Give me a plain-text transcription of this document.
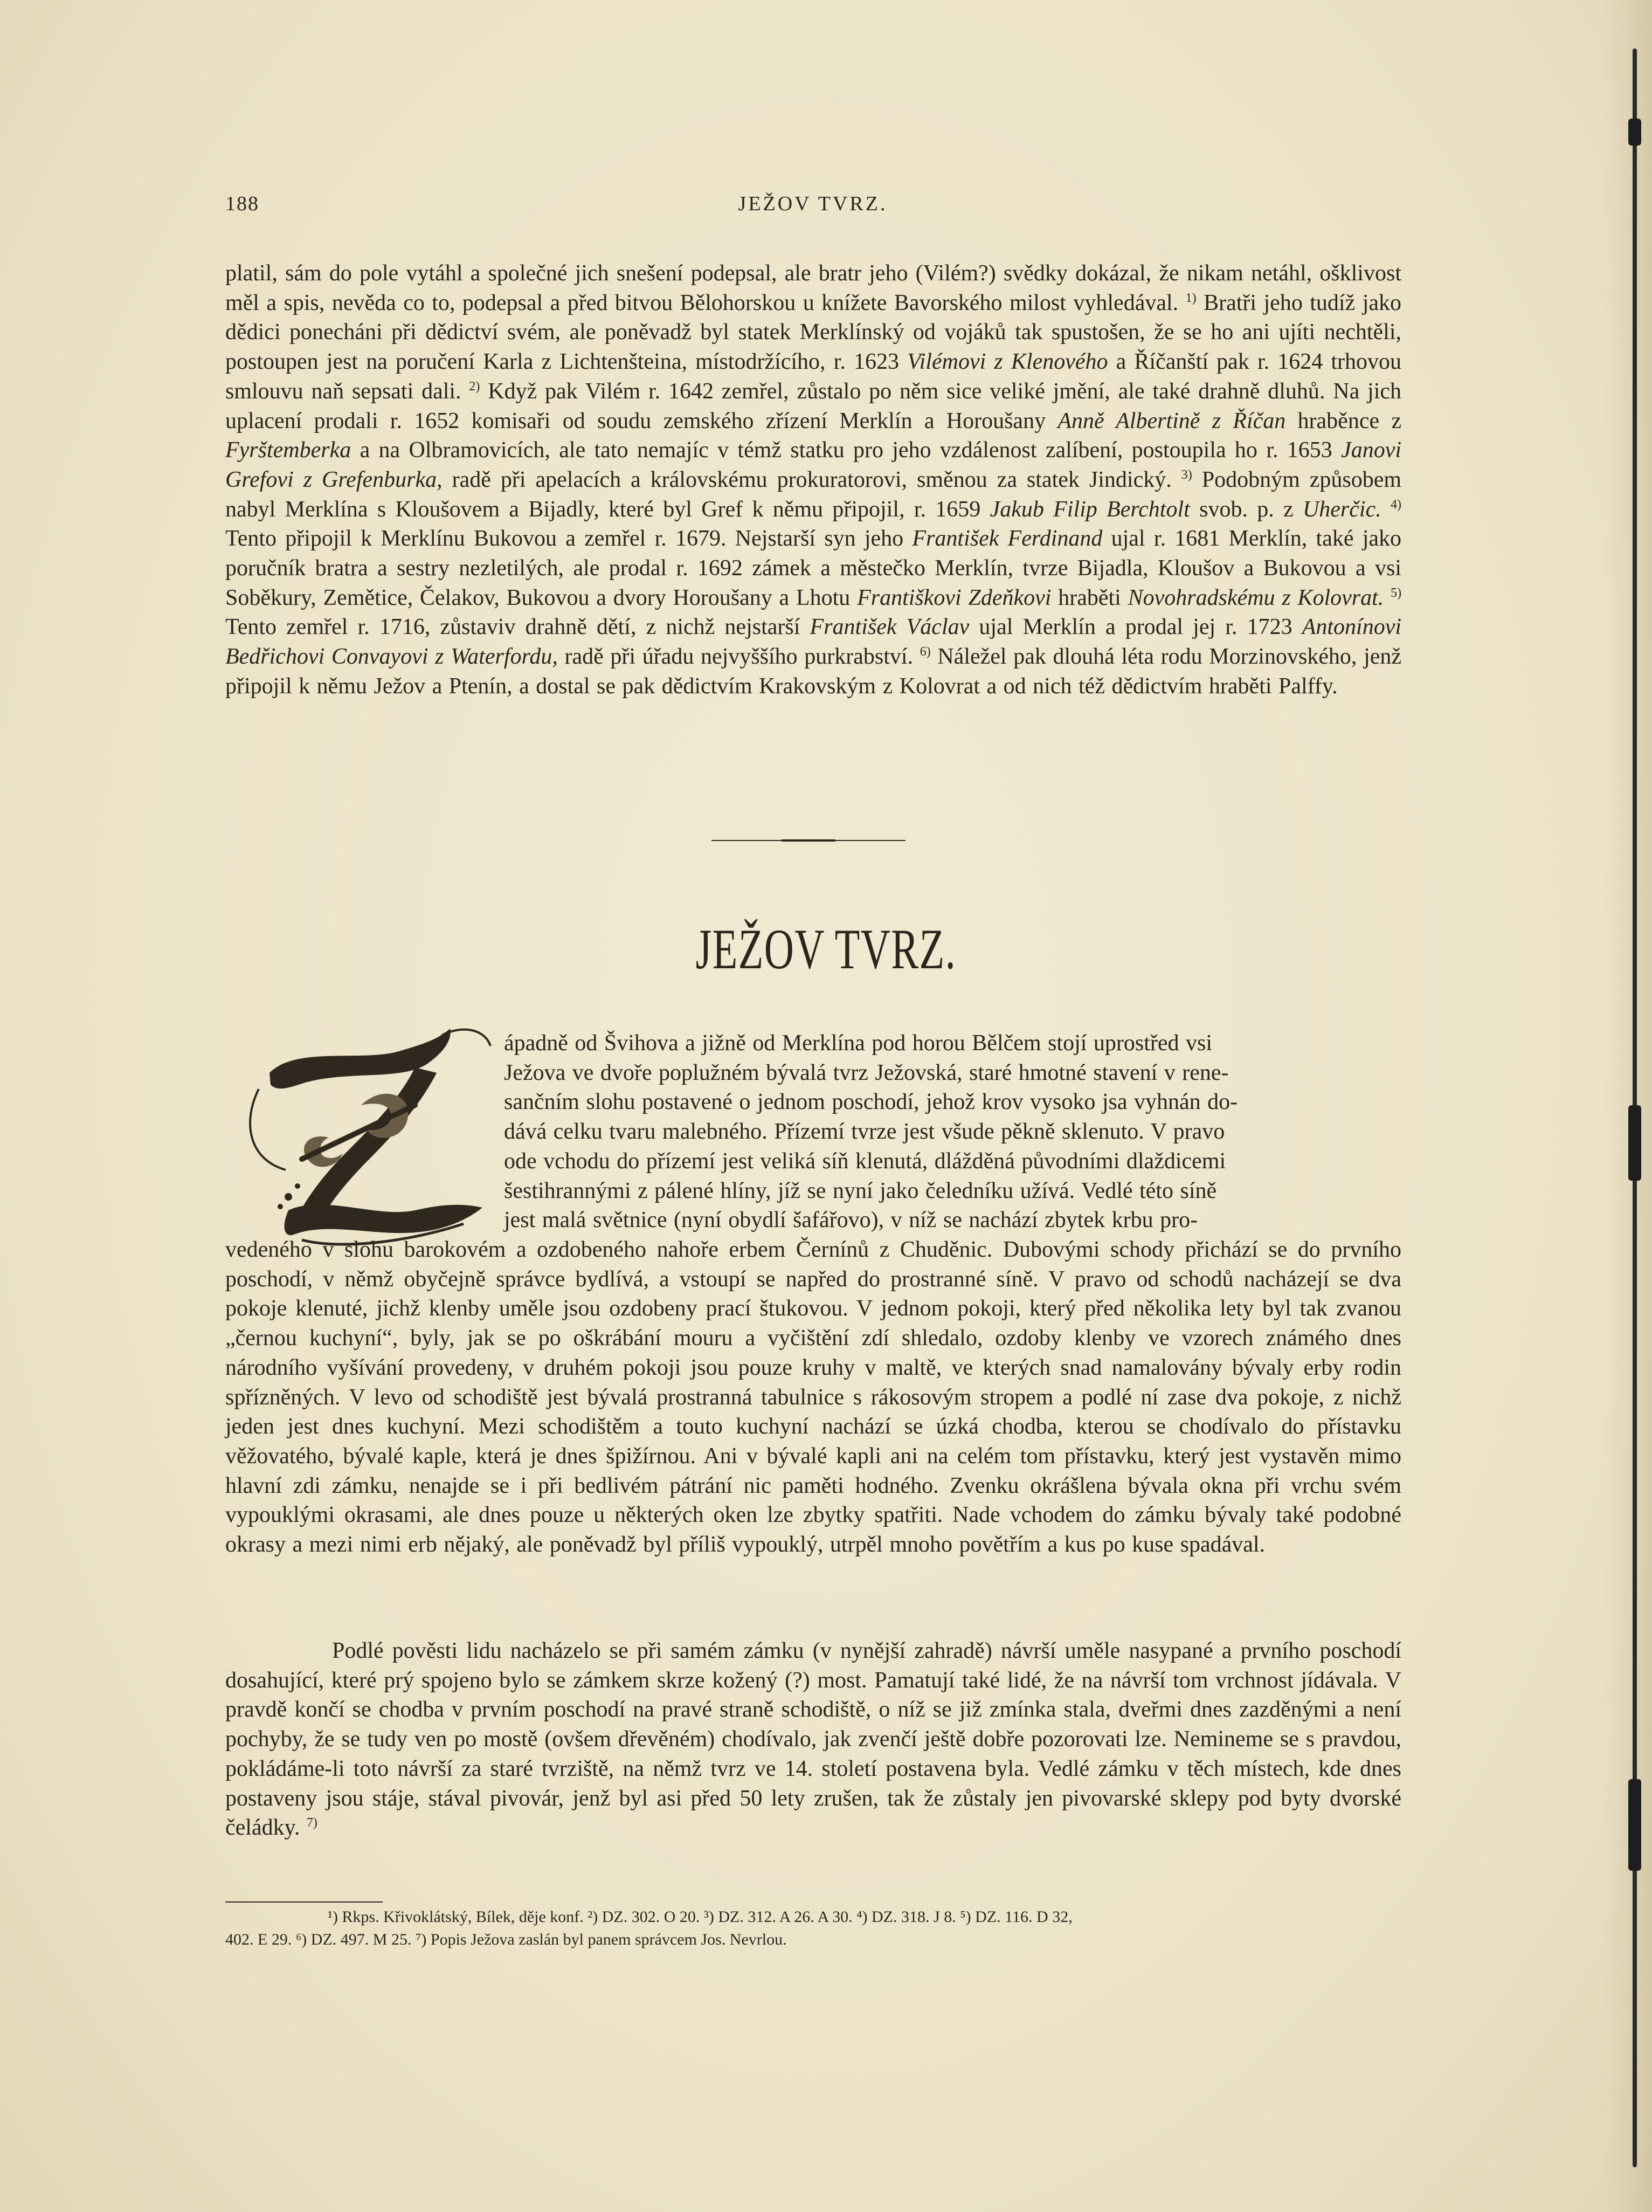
188	JEŽOV TVRZ.
platil, sám do pole vytáhl a společné jich snešení podepsal, ale bratr jeho (Vilém?) svědky dokázal, že nikam netáhl, ošklivost měl a spis, nevěda co to, podepsal a před bitvou Bělohorskou u knížete Bavorského milost vyhledával. $^{1)}$ Bratři jeho tudíž jako dědici ponecháni při dědictví svém, ale poněvadž byl statek Merklínský od vojáků tak spustošen, že se ho ani ujíti nechtěli, postoupen jest na poručení Karla z Lichtenšteina, místodržícího, r. 1623 Vilémovi z Klenového a Říčanští pak r. 1624 trhovou smlouvu naň sepsati dali. $^{2)}$ Když pak Vilém r. 1642 zemřel, zůstalo po něm sice veliké jmění, ale také drahně dluhů. Na jich uplacení prodali r. 1652 komisaři od soudu zemského zřízení Merklín a Horoušany Anně Albertině z Říčan hraběnce z Fyrštemberka a na Olbramovicích, ale tato nemajíc v témž statku pro jeho vzdálenost zalíbení, postoupila ho r. 1653 Janovi Grefovi z Grefenburka, radě při apelacích a královskému prokuratorovi, směnou za statek Jindický. $^{3)}$ Podobným způsobem nabyl Merklína s Kloušovem a Bijadly, které byl Gref k němu připojil, r. 1659 Jakub Filip Berchtolt svob. p. z Uherčic. $^{4)}$ Tento připojil k Merklínu Bukovou a zemřel r. 1679. Nejstarší syn jeho František Ferdinand ujal r. 1681 Merklín, také jako poručník bratra a sestry nezletilých, ale prodal r. 1692 zámek a městečko Merklín, tvrze Bijadla, Kloušov a Bukovou a vsi Soběkury, Zemětice, Čelakov, Bukovou a dvory Horoušany a Lhotu Františkovi Zdeňkovi hraběti Novohradskému z Kolovrat. $^{5)}$ Tento zemřel r. 1716, zůstaviv drahně dětí, z nichž nejstarší František Václav ujal Merklín a prodal jej r. 1723 Antonínovi Bedřichovi Convayovi z Waterfordu, radě při úřadu nejvyššího purkrabství. $^{6)}$ Náležel pak dlouhá léta rodu Morzinovského, jenž připojil k němu Ježov a Ptenín, a dostal se pak dědictvím Krakovským z Kolovrat a od nich též dědictvím hraběti Palffy.
JEŽOV TVRZ.
ápadně od Švihova a jižně od Merklína pod horou Bělčem stojí uprostřed vsi
Ježova ve dvoře poplužném bývalá tvrz Ježovská, staré hmotné stavení v rene-
sančním slohu postavené o jednom poschodí, jehož krov vysoko jsa vyhnán do-
dává celku tvaru malebného. Přízemí tvrze jest všude pěkně sklenuto. V pravo
ode vchodu do přízemí jest veliká síň klenutá, dlážděná původními dlaždicemi
šestihrannými z pálené hlíny, jíž se nyní jako čeledníku užívá. Vedlé této síně
jest malá světnice (nyní obydlí šafářovo), v níž se nachází zbytek krbu pro-
vedeného v slohu barokovém a ozdobeného nahoře erbem Černínů z Chuděnic. Dubovými schody přichází se do prvního poschodí, v němž obyčejně správce bydlívá, a vstoupí se napřed do prostranné síně. V pravo od schodů nacházejí se dva pokoje klenuté, jichž klenby uměle jsou ozdobeny prací štukovou. V jednom pokoji, který před několika lety byl tak zvanou „černou kuchyní“, byly, jak se po oškrábání mouru a vyčištění zdí shledalo, ozdoby klenby ve vzorech známého dnes národního vyšívání provedeny, v druhém pokoji jsou pouze kruhy v maltě, ve kterých snad namalovány bývaly erby rodin spřízněných. V levo od schodiště jest bývalá prostranná tabulnice s rákosovým stropem a podlé ní zase dva pokoje, z nichž jeden jest dnes kuchyní. Mezi schodištěm a touto kuchyní nachází se úzká chodba, kterou se chodívalo do přístavku věžovatého, bývalé kaple, která je dnes špižírnou. Ani v bývalé kapli ani na celém tom přístavku, který jest vystavěn mimo hlavní zdi zámku, nenajde se i při bedlivém pátrání nic paměti hodného. Zvenku okrášlena bývala okna při vrchu svém vypouklými okrasami, ale dnes pouze u některých oken lze zbytky spatřiti. Nade vchodem do zámku bývaly také podobné okrasy a mezi nimi erb nějaký, ale poněvadž byl příliš vypouklý, utrpěl mnoho povětřím a kus po kuse spadával.
Podlé pověsti lidu nacházelo se při samém zámku (v nynější zahradě) návrší uměle nasypané a prvního poschodí dosahující, které prý spojeno bylo se zámkem skrze kožený (?) most. Pamatují také lidé, že na návrší tom vrchnost jídávala. V pravdě končí se chodba v prvním poschodí na pravé straně schodiště, o níž se již zmínka stala, dveřmi dnes zazděnými a není pochyby, že se tudy ven po mostě (ovšem dřevěném) chodívalo, jak zvenčí ještě dobře pozorovati lze. Nemineme se s pravdou, pokládáme-li toto návrší za staré tvrziště, na němž tvrz ve 14. století postavena byla. Vedlé zámku v těch místech, kde dnes postaveny jsou stáje, stával pivovár, jenž byl asi před 50 lety zrušen, tak že zůstaly jen pivovarské sklepy pod byty dvorské čeládky. $^{7)}$
¹) Rkps. Křivoklátský, Bílek, děje konf. ²) DZ. 302. O 20. ³) DZ. 312. A 26. A 30. ⁴) DZ. 318. J 8. ⁵) DZ. 116. D 32,
402. E 29. ⁶) DZ. 497. M 25. ⁷) Popis Ježova zaslán byl panem správcem Jos. Nevrlou.
